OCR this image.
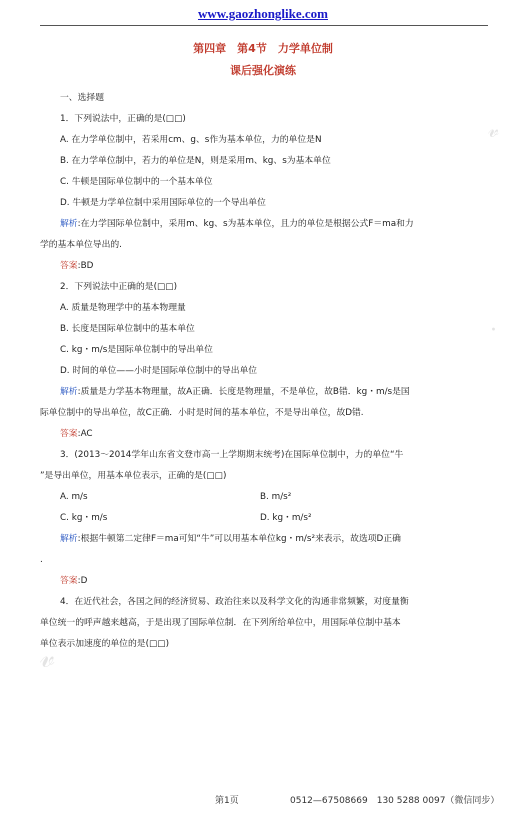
www.gaozhonglike.com
第四章　第4节　力学单位制
课后强化演练
𝓋
·
𝓋
一、选择题
1．下列说法中，正确的是(□□)
A. 在力学单位制中，若采用cm、g、s作为基本单位，力的单位是N
B. 在力学单位制中，若力的单位是N，则是采用m、kg、s为基本单位
C. 牛顿是国际单位制中的一个基本单位
D. 牛顿是力学单位制中采用国际单位的一个导出单位
解析:在力学国际单位制中，采用m、kg、s为基本单位，且力的单位是根据公式F＝ma和力
学的基本单位导出的.
答案:BD
2．下列说法中正确的是(□□)
A. 质量是物理学中的基本物理量
B. 长度是国际单位制中的基本单位
C. kg・m/s是国际单位制中的导出单位
D. 时间的单位——小时是国际单位制中的导出单位
解析:质量是力学基本物理量，故A正确．长度是物理量，不是单位，故B错．kg・m/s是国
际单位制中的导出单位，故C正确．小时是时间的基本单位，不是导出单位，故D错.
答案:AC
3．(2013～2014学年山东省文登市高一上学期期末统考)在国际单位制中，力的单位“牛
”是导出单位，用基本单位表示，正确的是(□□)
A. m/s	B. m/s²
C. kg・m/s	D. kg・m/s²
解析:根据牛顿第二定律F＝ma可知“牛”可以用基本单位kg・m/s²来表示，故选项D正确
.
答案:D
4．在近代社会，各国之间的经济贸易、政治往来以及科学文化的沟通非常频繁，对度量衡
单位统一的呼声越来越高，于是出现了国际单位制．在下列所给单位中，用国际单位制中基本
单位表示加速度的单位的是(□□)
第1页	0512—67508669　130 5288 0097（微信同步）
